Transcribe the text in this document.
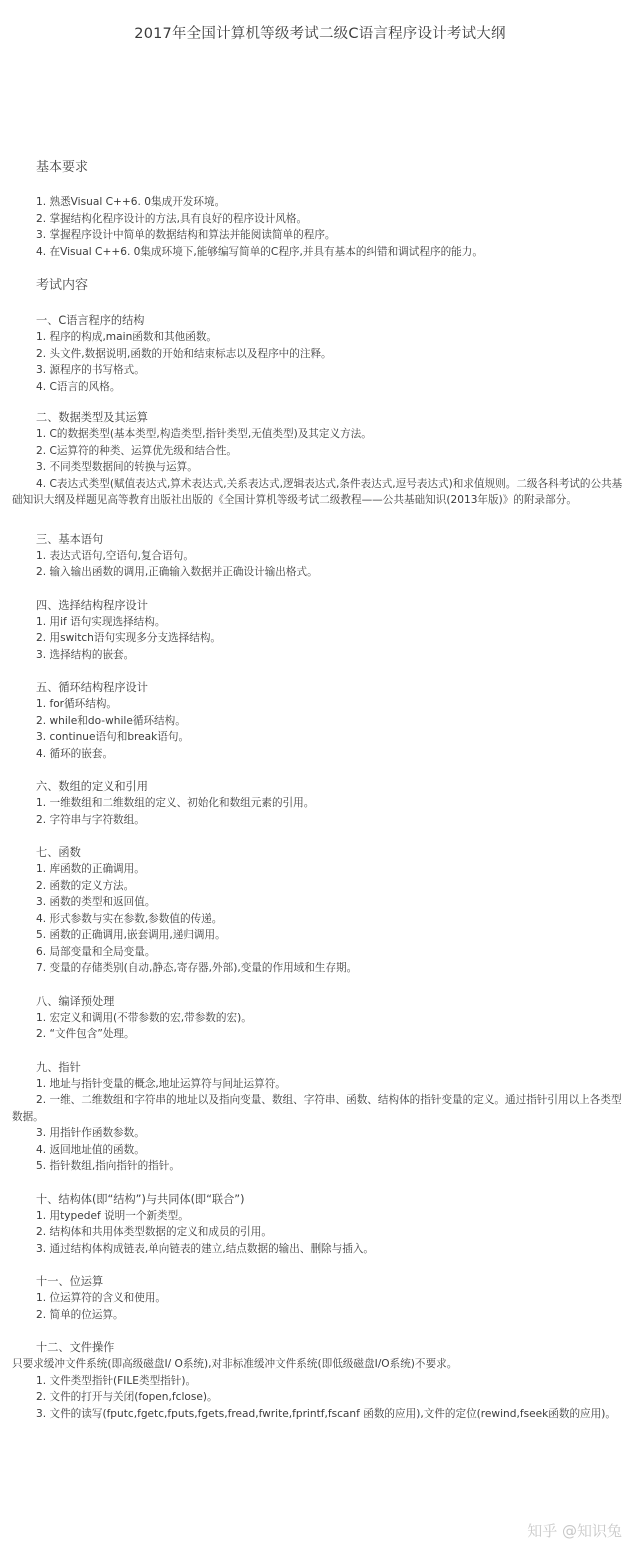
2017年全国计算机等级考试二级C语言程序设计考试大纲
基本要求
1. 熟悉Visual C++6. 0集成开发环境。
2. 掌握结构化程序设计的方法,具有良好的程序设计风格。
3. 掌握程序设计中简单的数据结构和算法并能阅读简单的程序。
4. 在Visual C++6. 0集成环境下,能够编写简单的C程序,并具有基本的纠错和调试程序的能力。
考试内容
一、C语言程序的结构
1. 程序的构成,main函数和其他函数。
2. 头文件,数据说明,函数的开始和结束标志以及程序中的注释。
3. 源程序的书写格式。
4. C语言的风格。
二、数据类型及其运算
1. C的数据类型(基本类型,构造类型,指针类型,无值类型)及其定义方法。
2. C运算符的种类、运算优先级和结合性。
3. 不同类型数据间的转换与运算。
4. C表达式类型(赋值表达式,算术表达式,关系表达式,逻辑表达式,条件表达式,逗号表达式)和求值规则。二级各科考试的公共基础知识大纲及样题见高等教育出版社出版的《全国计算机等级考试二级教程——公共基础知识(2013年版)》的附录部分。
三、基本语句
1. 表达式语句,空语句,复合语句。
2. 输入输出函数的调用,正确输入数据并正确设计输出格式。
四、选择结构程序设计
1. 用if 语句实现选择结构。
2. 用switch语句实现多分支选择结构。
3. 选择结构的嵌套。
五、循环结构程序设计
1. for循环结构。
2. while和do-while循环结构。
3. continue语句和break语句。
4. 循环的嵌套。
六、数组的定义和引用
1. 一维数组和二维数组的定义、初始化和数组元素的引用。
2. 字符串与字符数组。
七、函数
1. 库函数的正确调用。
2. 函数的定义方法。
3. 函数的类型和返回值。
4. 形式参数与实在参数,参数值的传递。
5. 函数的正确调用,嵌套调用,递归调用。
6. 局部变量和全局变量。
7. 变量的存储类别(自动,静态,寄存器,外部),变量的作用域和生存期。
八、编译预处理
1. 宏定义和调用(不带参数的宏,带参数的宏)。
2. “文件包含”处理。
九、指针
1. 地址与指针变量的概念,地址运算符与间址运算符。
2. 一维、二维数组和字符串的地址以及指向变量、数组、字符串、函数、结构体的指针变量的定义。通过指针引用以上各类型数据。
3. 用指针作函数参数。
4. 返回地址值的函数。
5. 指针数组,指向指针的指针。
十、结构体(即“结构”)与共同体(即“联合”)
1. 用typedef 说明一个新类型。
2. 结构体和共用体类型数据的定义和成员的引用。
3. 通过结构体构成链表,单向链表的建立,结点数据的输出、删除与插入。
十一、位运算
1. 位运算符的含义和使用。
2. 简单的位运算。
十二、文件操作
只要求缓冲文件系统(即高级磁盘I/ O系统),对非标准缓冲文件系统(即低级磁盘I/O系统)不要求。
1. 文件类型指针(FILE类型指针)。
2. 文件的打开与关闭(fopen,fclose)。
3. 文件的读写(fputc,fgetc,fputs,fgets,fread,fwrite,fprintf,fscanf 函数的应用),文件的定位(rewind,fseek函数的应用)。
知乎 @知识兔
